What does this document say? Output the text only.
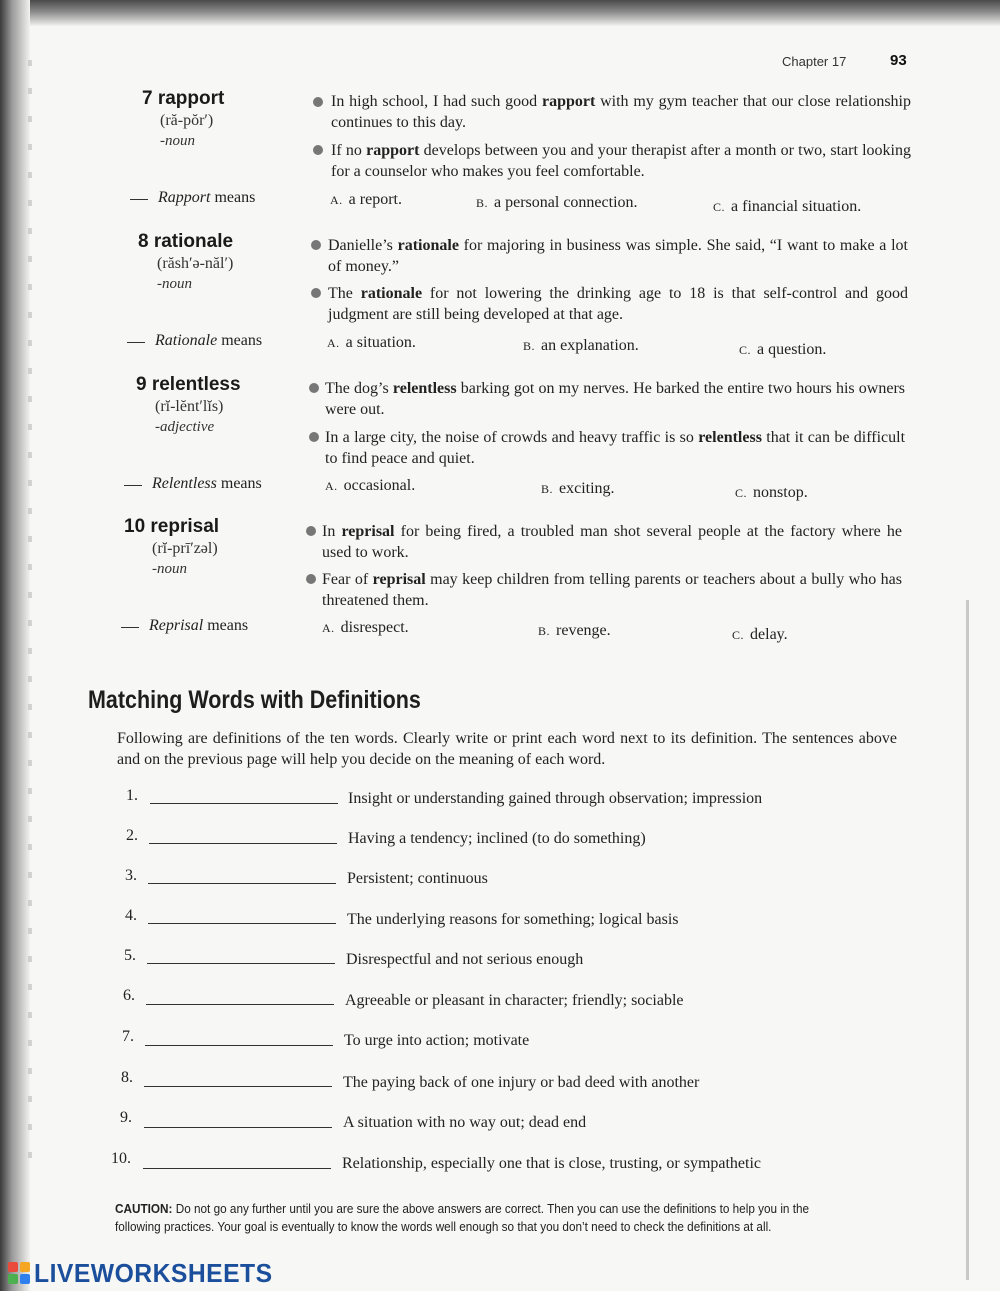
Chapter 17	93
7 rapport
(ră-pŏr′)
-noun
In high school, I had such good rapport with my gym teacher that our close relationship continues to this day.
If no rapport develops between you and your therapist after a month or two, start looking for a counselor who makes you feel comfortable.
Rapport means	A. a report.	B. a personal connection.	C. a financial situation.
8 rationale
(răsh′ə-năl′)
-noun
Danielle’s rationale for majoring in business was simple. She said, “I want to make a lot of money.”
The rationale for not lowering the drinking age to 18 is that self-control and good judgment are still being developed at that age.
Rationale means	A. a situation.	B. an explanation.	C. a question.
9 relentless
(rĭ-lĕnt′lĭs)
-adjective
The dog’s relentless barking got on my nerves. He barked the entire two hours his owners were out.
In a large city, the noise of crowds and heavy traffic is so relentless that it can be difficult to find peace and quiet.
Relentless means	A. occasional.	B. exciting.	C. nonstop.
10 reprisal
(rĭ-prī′zəl)
-noun
In reprisal for being fired, a troubled man shot several people at the factory where he used to work.
Fear of reprisal may keep children from telling parents or teachers about a bully who has threatened them.
Reprisal means	A. disrespect.	B. revenge.	C. delay.
Matching Words with Definitions
Following are definitions of the ten words. Clearly write or print each word next to its definition. The sentences above and on the previous page will help you decide on the meaning of each word.
1.	Insight or understanding gained through observation; impression
2.	Having a tendency; inclined (to do something)
3.	Persistent; continuous
4.	The underlying reasons for something; logical basis
5.	Disrespectful and not serious enough
6.	Agreeable or pleasant in character; friendly; sociable
7.	To urge into action; motivate
8.	The paying back of one injury or bad deed with another
9.	A situation with no way out; dead end
10.	Relationship, especially one that is close, trusting, or sympathetic
CAUTION: Do not go any further until you are sure the above answers are correct. Then you can use the definitions to help you in the following practices. Your goal is eventually to know the words well enough so that you don’t need to check the definitions at all.
LIVEWORKSHEETS
